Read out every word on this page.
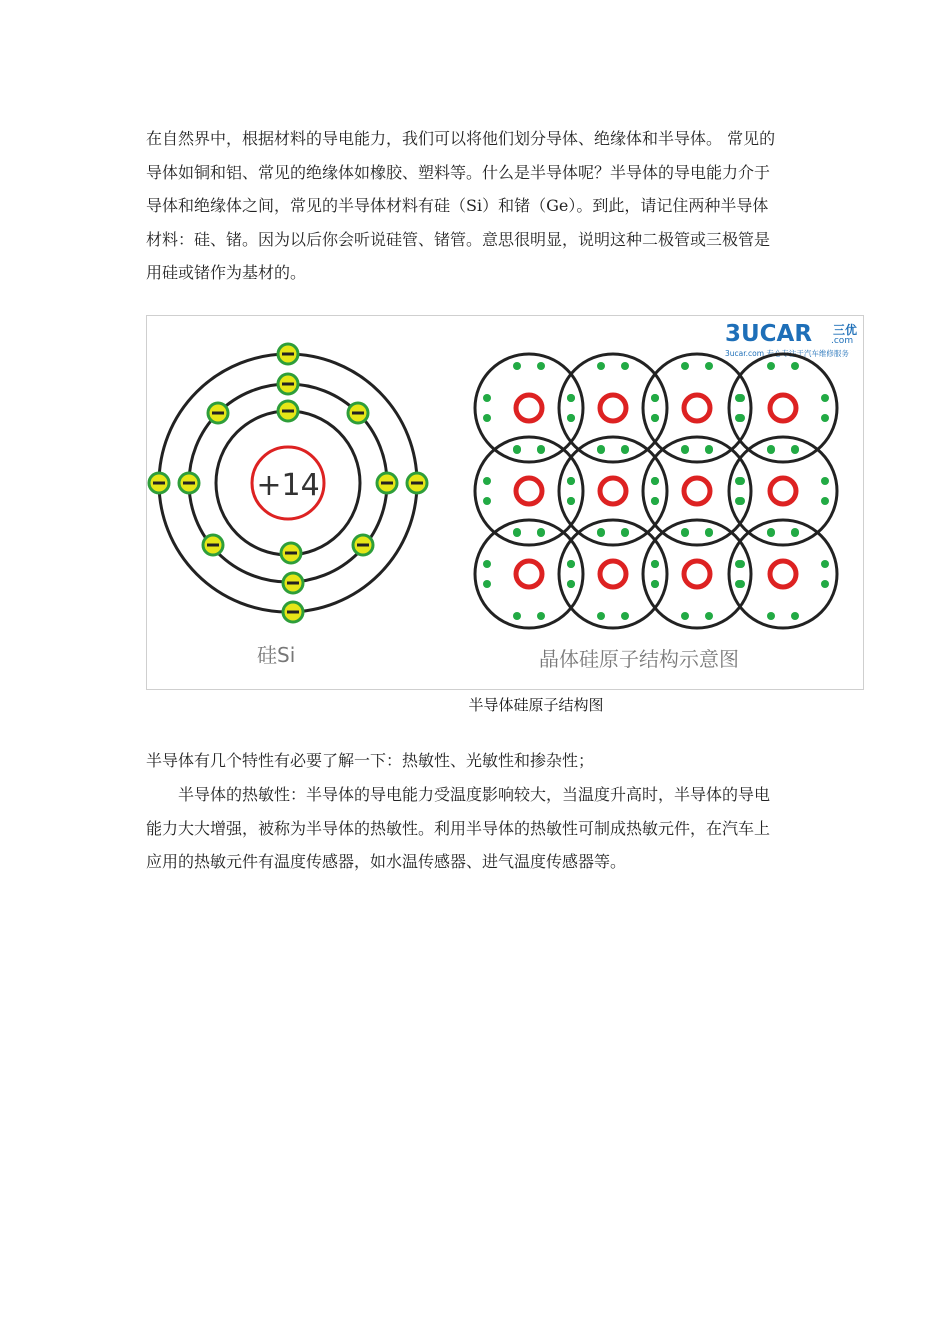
在自然界中，根据材料的导电能力，我们可以将他们划分导体、绝缘体和半导体。 常见的
导体如铜和铝、常见的绝缘体如橡胶、塑料等。什么是半导体呢？半导体的导电能力介于
导体和绝缘体之间，常见的半导体材料有硅（Si）和锗（Ge）。到此，请记住两种半导体
材料：硅、锗。因为以后你会听说硅管、锗管。意思很明显，说明这种二极管或三极管是
用硅或锗作为基材的。

3UCAR 三优
.com
3ucar.com 专心专注于汽车维修服务
+14
硅Si	晶体硅原子结构示意图
半导体硅原子结构图

半导体有几个特性有必要了解一下：热敏性、光敏性和掺杂性；

半导体的热敏性：半导体的导电能力受温度影响较大，当温度升高时，半导体的导电
能力大大增强，被称为半导体的热敏性。利用半导体的热敏性可制成热敏元件，在汽车上
应用的热敏元件有温度传感器，如水温传感器、进气温度传感器等。
